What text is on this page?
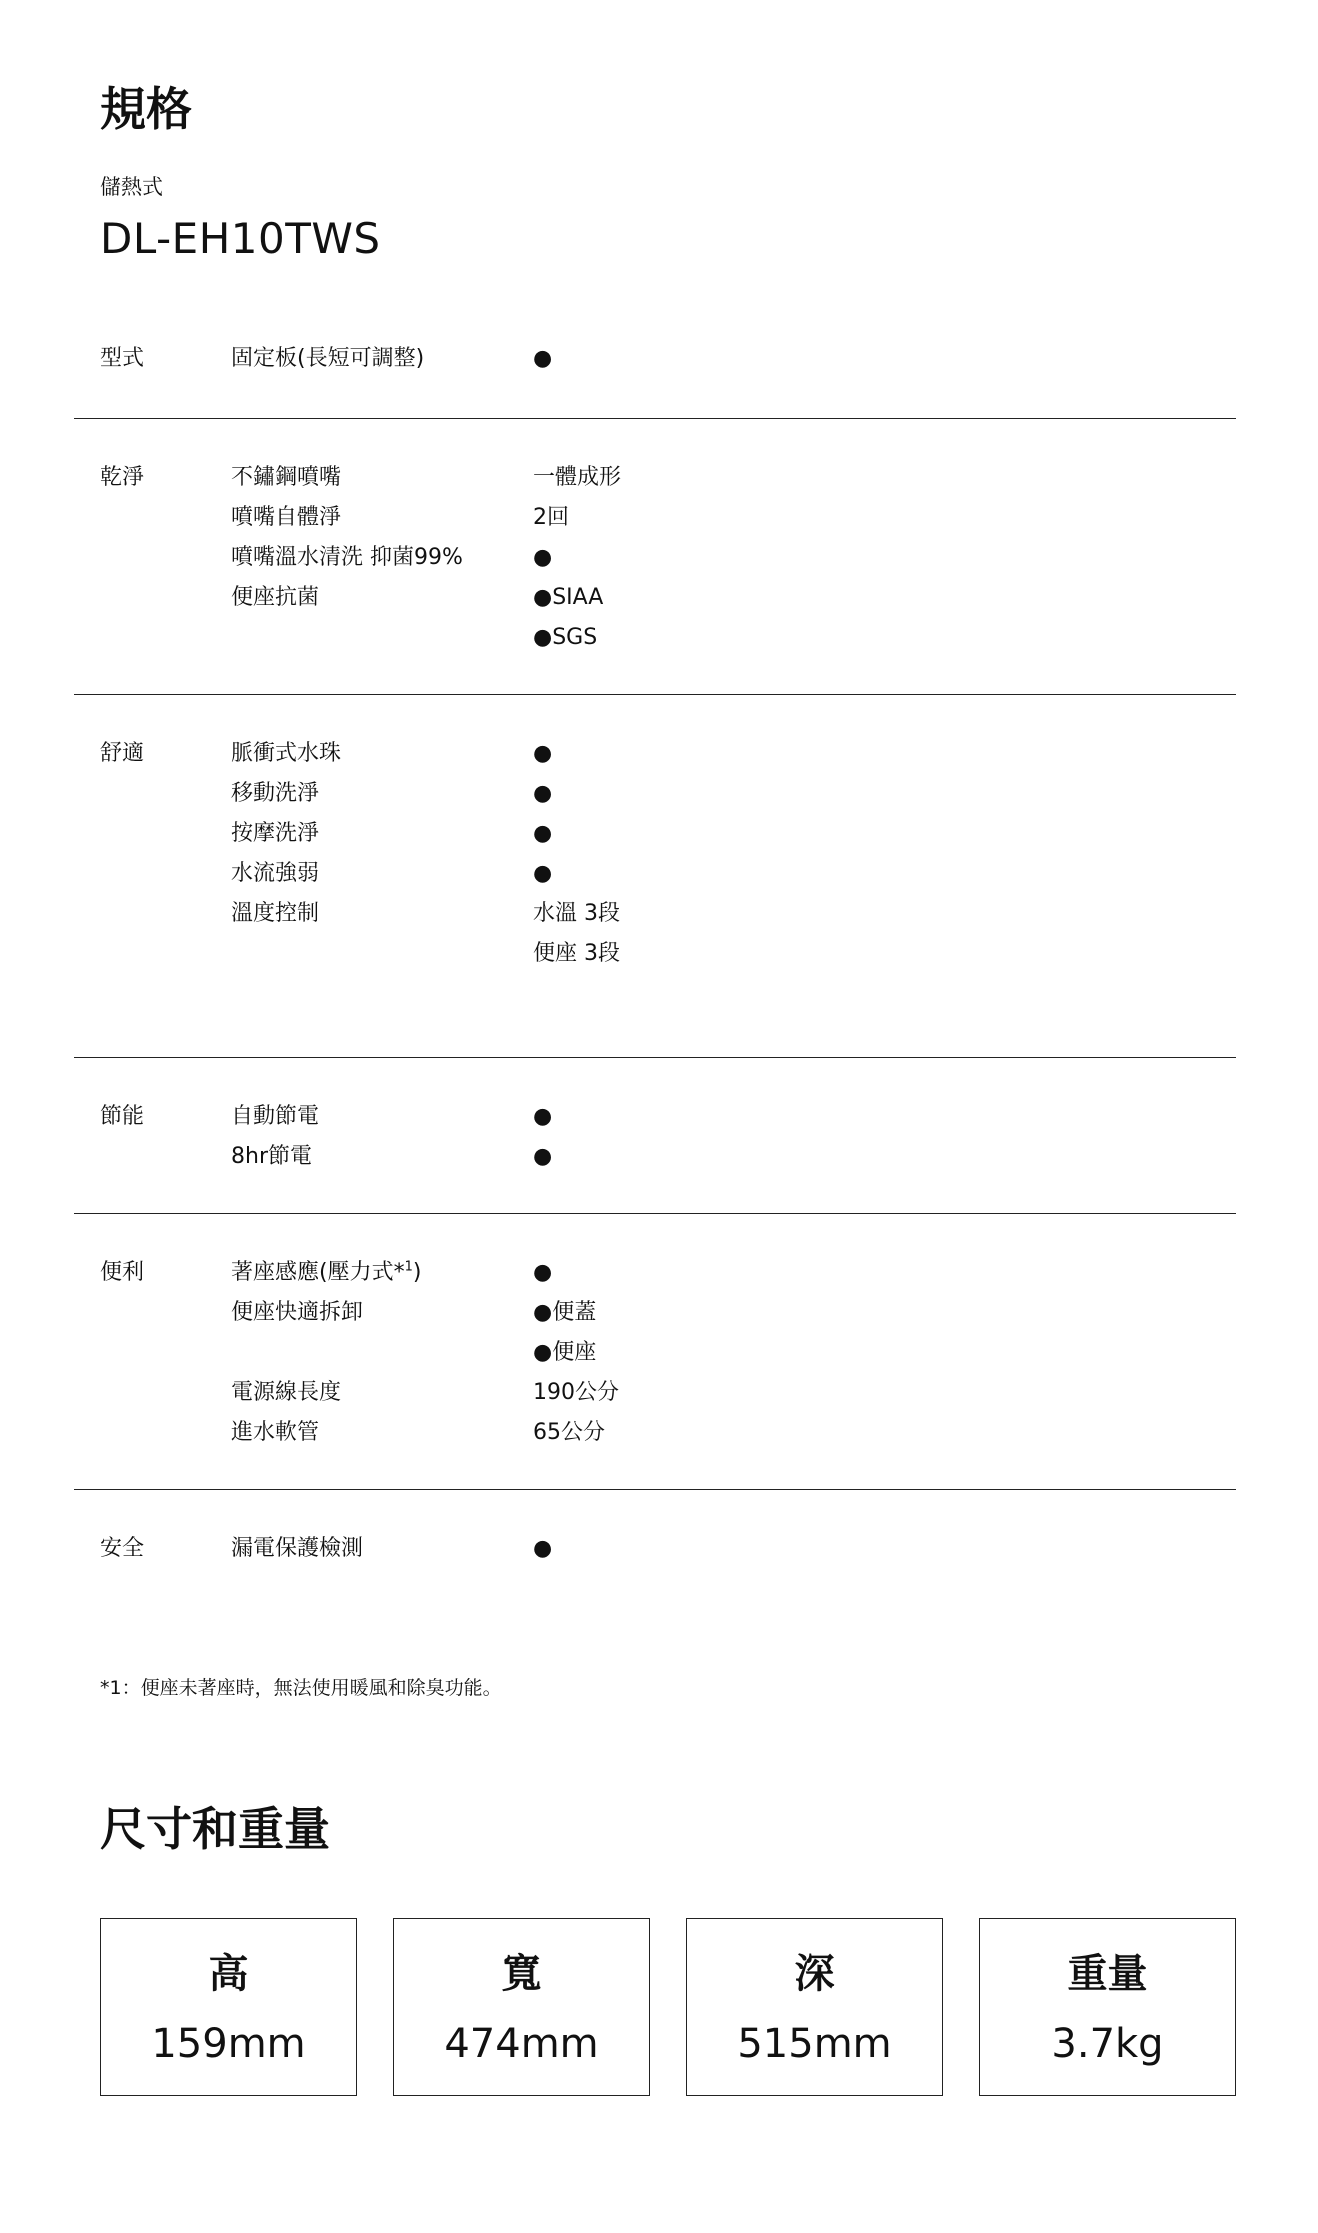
規格
儲熱式
DL-EH10TWS
型式	固定板(長短可調整)	●
乾淨	不鏽鋼噴嘴	一體成形
噴嘴自體淨	2回
噴嘴溫水清洗 抑菌99%	●
便座抗菌	●SIAA
●SGS
舒適	脈衝式水珠	●
移動洗淨	●
按摩洗淨	●
水流強弱	●
溫度控制	水溫 3段
便座 3段
節能	自動節電	●
8hr節電	●
便利	著座感應(壓力式*$^1$)	●
便座快適拆卸	●便蓋
●便座
電源線長度	190公分
進水軟管	65公分
安全	漏電保護檢測	●
*1：便座未著座時，無法使用暖風和除臭功能。
尺寸和重量
高
159mm
寬
474mm
深
515mm
重量
3.7kg
